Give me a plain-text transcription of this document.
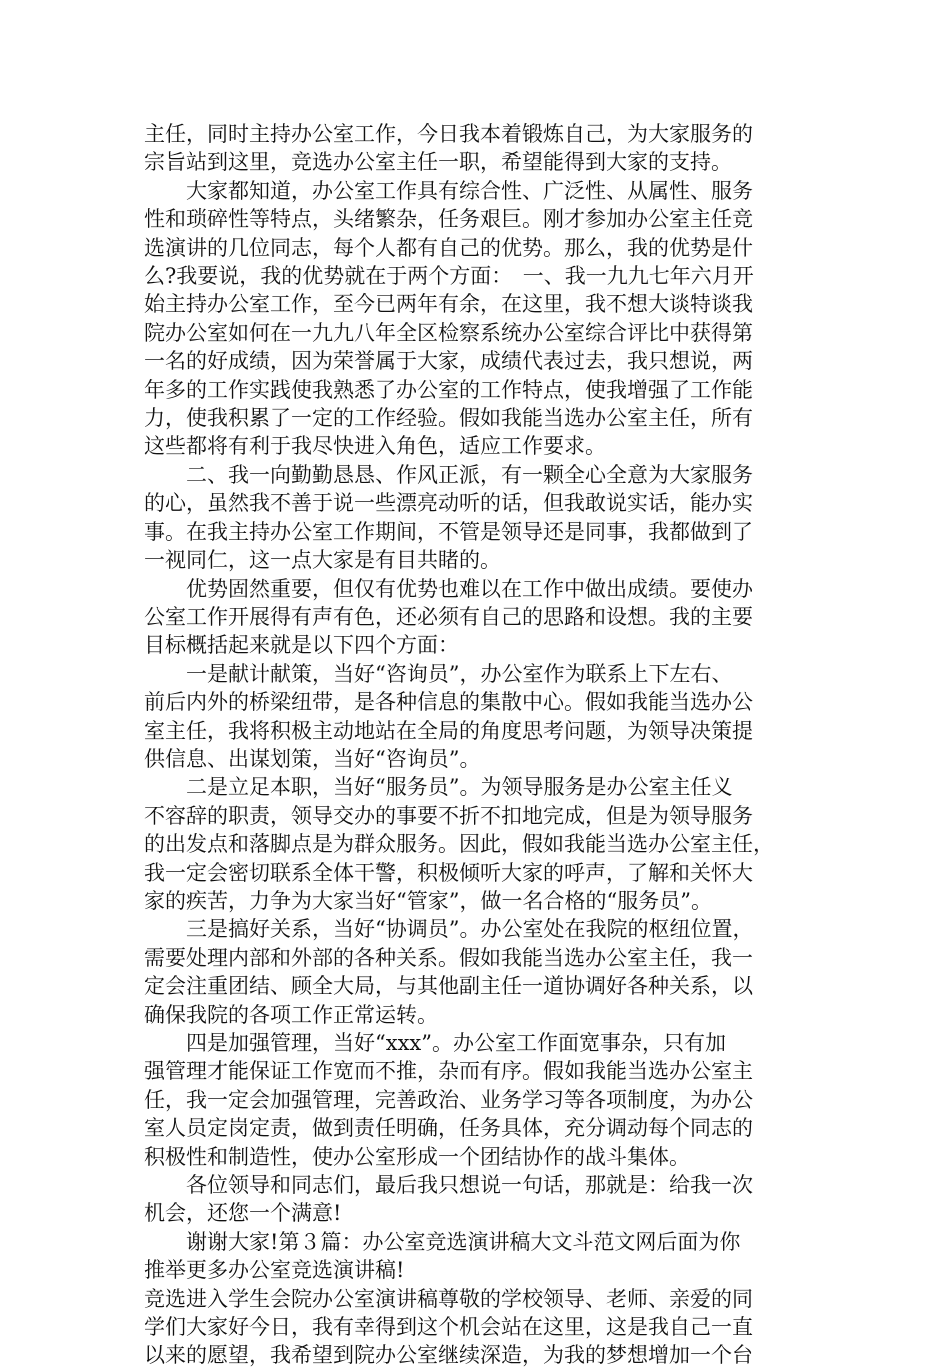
主任，同时主持办公室工作，今日我本着锻炼自己，为大家服务的
宗旨站到这里，竞选办公室主任一职，希望能得到大家的支持。
　　大家都知道，办公室工作具有综合性、广泛性、从属性、服务
性和琐碎性等特点，头绪繁杂，任务艰巨。刚才参加办公室主任竞
选演讲的几位同志，每个人都有自己的优势。那么，我的优势是什
么?我要说，我的优势就在于两个方面：　一、我一九九七年六月开
始主持办公室工作，至今已两年有余，在这里，我不想大谈特谈我
院办公室如何在一九九八年全区检察系统办公室综合评比中获得第
一名的好成绩，因为荣誉属于大家，成绩代表过去，我只想说，两
年多的工作实践使我熟悉了办公室的工作特点，使我增强了工作能
力，使我积累了一定的工作经验。假如我能当选办公室主任，所有
这些都将有利于我尽快进入角色，适应工作要求。
　　二、我一向勤勤恳恳、作风正派，有一颗全心全意为大家服务
的心，虽然我不善于说一些漂亮动听的话，但我敢说实话，能办实
事。在我主持办公室工作期间，不管是领导还是同事，我都做到了
一视同仁，这一点大家是有目共睹的。
　　优势固然重要，但仅有优势也难以在工作中做出成绩。要使办
公室工作开展得有声有色，还必须有自己的思路和设想。我的主要
目标概括起来就是以下四个方面：
　　一是献计献策，当好“咨询员”，办公室作为联系上下左右、
前后内外的桥梁纽带，是各种信息的集散中心。假如我能当选办公
室主任，我将积极主动地站在全局的角度思考问题，为领导决策提
供信息、出谋划策，当好“咨询员”。
　　二是立足本职，当好“服务员”。为领导服务是办公室主任义
不容辞的职责，领导交办的事要不折不扣地完成，但是为领导服务
的出发点和落脚点是为群众服务。因此，假如我能当选办公室主任，
我一定会密切联系全体干警，积极倾听大家的呼声，了解和关怀大
家的疾苦，力争为大家当好“管家”，做一名合格的“服务员”。
　　三是搞好关系，当好“协调员”。办公室处在我院的枢纽位置，
需要处理内部和外部的各种关系。假如我能当选办公室主任，我一
定会注重团结、顾全大局，与其他副主任一道协调好各种关系，以
确保我院的各项工作正常运转。
　　四是加强管理，当好“xxx”。办公室工作面宽事杂，只有加
强管理才能保证工作宽而不推，杂而有序。假如我能当选办公室主
任，我一定会加强管理，完善政治、业务学习等各项制度，为办公
室人员定岗定责，做到责任明确，任务具体，充分调动每个同志的
积极性和制造性，使办公室形成一个团结协作的战斗集体。
　　各位领导和同志们，最后我只想说一句话，那就是：给我一次
机会，还您一个满意!
　　谢谢大家!第３篇：办公室竞选演讲稿大文斗范文网后面为你
推举更多办公室竞选演讲稿!
竞选进入学生会院办公室演讲稿尊敬的学校领导、老师、亲爱的同
学们大家好今日，我有幸得到这个机会站在这里，这是我自己一直
以来的愿望，我希望到院办公室继续深造，为我的梦想增加一个台
